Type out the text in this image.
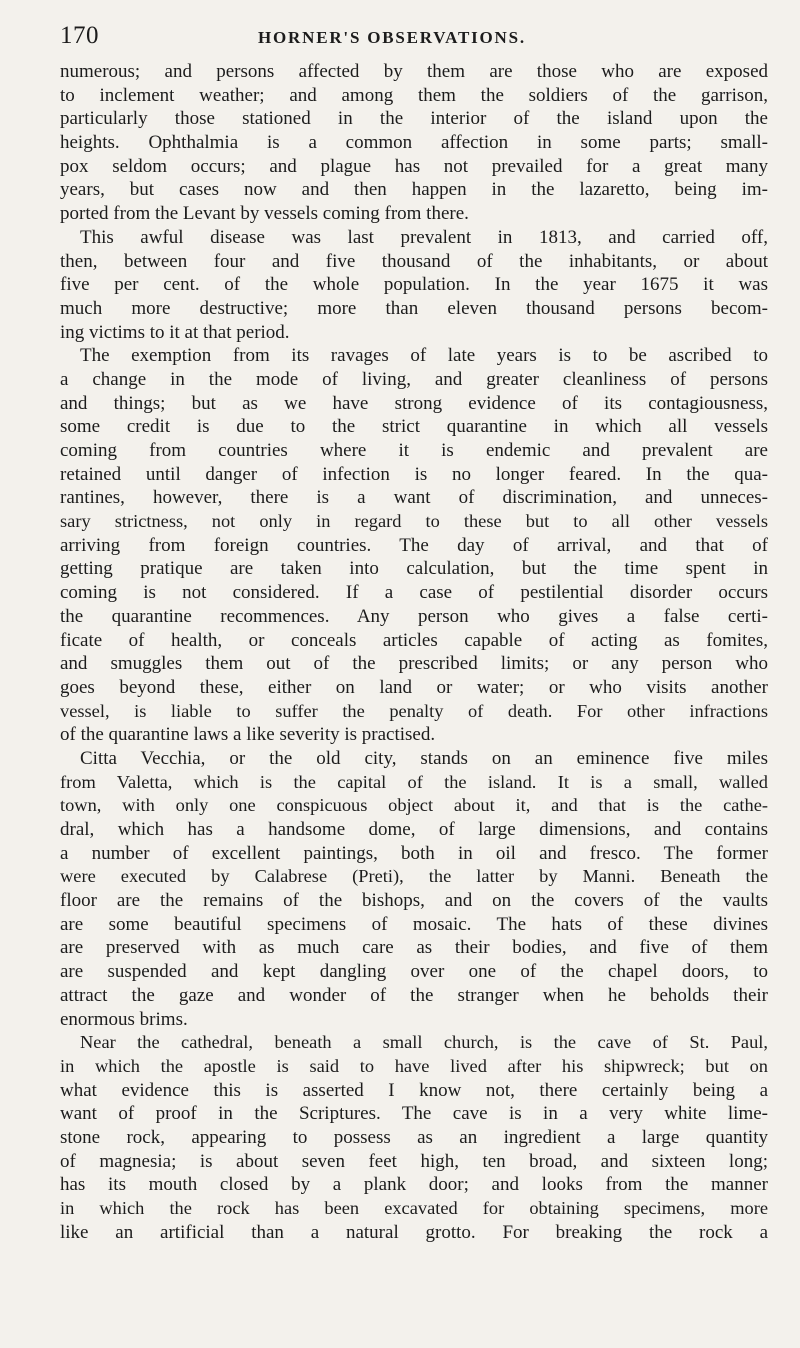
170	HORNER'S OBSERVATIONS.
numerous; and persons affected by them are those who are exposed
to inclement weather; and among them the soldiers of the garrison,
particularly those stationed in the interior of the island upon the
heights. Ophthalmia is a common affection in some parts; small-
pox seldom occurs; and plague has not prevailed for a great many
years, but cases now and then happen in the lazaretto, being im-
ported from the Levant by vessels coming from there.
This awful disease was last prevalent in 1813, and carried off,
then, between four and five thousand of the inhabitants, or about
five per cent. of the whole population. In the year 1675 it was
much more destructive; more than eleven thousand persons becom-
ing victims to it at that period.
The exemption from its ravages of late years is to be ascribed to
a change in the mode of living, and greater cleanliness of persons
and things; but as we have strong evidence of its contagiousness,
some credit is due to the strict quarantine in which all vessels
coming from countries where it is endemic and prevalent are
retained until danger of infection is no longer feared. In the qua-
rantines, however, there is a want of discrimination, and unneces-
sary strictness, not only in regard to these but to all other vessels
arriving from foreign countries. The day of arrival, and that of
getting pratique are taken into calculation, but the time spent in
coming is not considered. If a case of pestilential disorder occurs
the quarantine recommences. Any person who gives a false certi-
ficate of health, or conceals articles capable of acting as fomites,
and smuggles them out of the prescribed limits; or any person who
goes beyond these, either on land or water; or who visits another
vessel, is liable to suffer the penalty of death. For other infractions
of the quarantine laws a like severity is practised.
Citta Vecchia, or the old city, stands on an eminence five miles
from Valetta, which is the capital of the island. It is a small, walled
town, with only one conspicuous object about it, and that is the cathe-
dral, which has a handsome dome, of large dimensions, and contains
a number of excellent paintings, both in oil and fresco. The former
were executed by Calabrese (Preti), the latter by Manni. Beneath the
floor are the remains of the bishops, and on the covers of the vaults
are some beautiful specimens of mosaic. The hats of these divines
are preserved with as much care as their bodies, and five of them
are suspended and kept dangling over one of the chapel doors, to
attract the gaze and wonder of the stranger when he beholds their
enormous brims.
Near the cathedral, beneath a small church, is the cave of St. Paul,
in which the apostle is said to have lived after his shipwreck; but on
what evidence this is asserted I know not, there certainly being a
want of proof in the Scriptures. The cave is in a very white lime-
stone rock, appearing to possess as an ingredient a large quantity
of magnesia; is about seven feet high, ten broad, and sixteen long;
has its mouth closed by a plank door; and looks from the manner
in which the rock has been excavated for obtaining specimens, more
like an artificial than a natural grotto. For breaking the rock a
